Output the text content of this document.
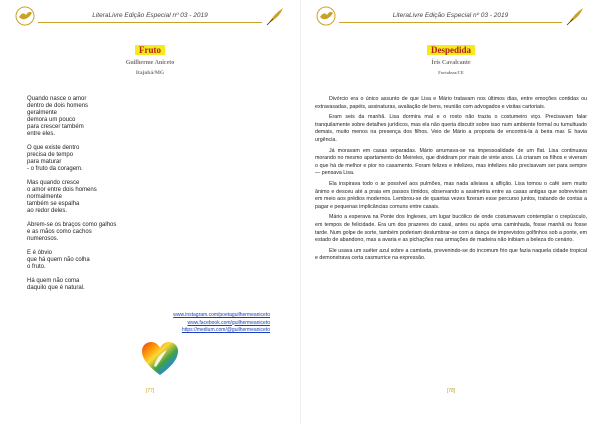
LiteraLivre Edição Especial nº 03 - 2019
Fruto
Guilherme Aniceto
Itajubá/MG
Quando nasce o amor
dentro de dois homens
geralmente
demora um pouco
para crescer também
entre eles.
O que existe dentro
precisa de tempo
para maturar
- o fruto da coragem.
Mas quando cresce
o amor entre dois homens
normalmente
também se espalha
ao redor deles.
Abrem-se os braços como galhos
e as mãos como cachos
numerosos.
E é óbvio
que há quem não colha
o fruto.
Há quem não coma
daquilo que é natural.
www.instagram.com/poetaguilhermeaniceto
www.facebook.com/guilhermeaniceto
https://medium.com/@guilhermeaniceto
[77]
LiteraLivre Edição Especial nº 03 - 2019
Despedida
Íris Cavalcante
Fortaleza/CE

Divórcio era o único assunto de que Lisa e Mário tratavam nos últimos dias, entre emoções contidas ou extravasadas, papéis, assinaturas, avaliação de bens, reunião com advogados e visitas cartoriais.

Eram seis da manhã. Lisa dormira mal e o rosto não trazia o costumeiro viço. Precisavam falar tranquilamente sobre detalhes jurídicos, mas ela não queria discutir sobre isso num ambiente formal ou tumultuado demais, muito menos na presença dos filhos. Veio de Mário a proposta de encontrá-la à beira mar. E havia urgência.

Já moravam em casas separadas. Mário arrumava-se na impessoalidade de um flat. Lisa continuava morando no mesmo apartamento do Meireles, que dividiram por mais de vinte anos. Lá criaram os filhos e viveram o que há de melhor e pior no casamento. Foram felizes e infelizes, mas infelizes não precisavam ser para sempre — pensava Lisa.

Ela inspirava todo o ar possível aos pulmões, mas nada aliviava a aflição. Lisa tomou o café sem muito ânimo e desceu até a praia em passos tímidos, observando a assimetria entre as casas antigas que sobreviviam em meio aos prédios modernos. Lembrou-se de quantas vezes fizeram esse percurso juntos, tratando de contas a pagar e pequenas implicâncias comuns entre casais.

Mário a esperava na Ponte dos Ingleses, um lugar bucólico de onde costumavam contemplar o crepúsculo, em tempos de felicidade. Era um dos prazeres do casal, antes ou após uma caminhada, fosse manhã ou fosse tarde. Num golpe de sorte, também poderiam deslumbrar-se com a dança de imprevistos golfinhos sob a ponte, em estado de abandono, mas a avaria e as pichações nas armações de madeira não inibiam a beleza do cenário.

Ele usava um suéter azul sobre a camiseta, prevenindo-se do incomum frio que fazia naquela cidade tropical e demonstrava certa casmurrice na expressão.

[78]
